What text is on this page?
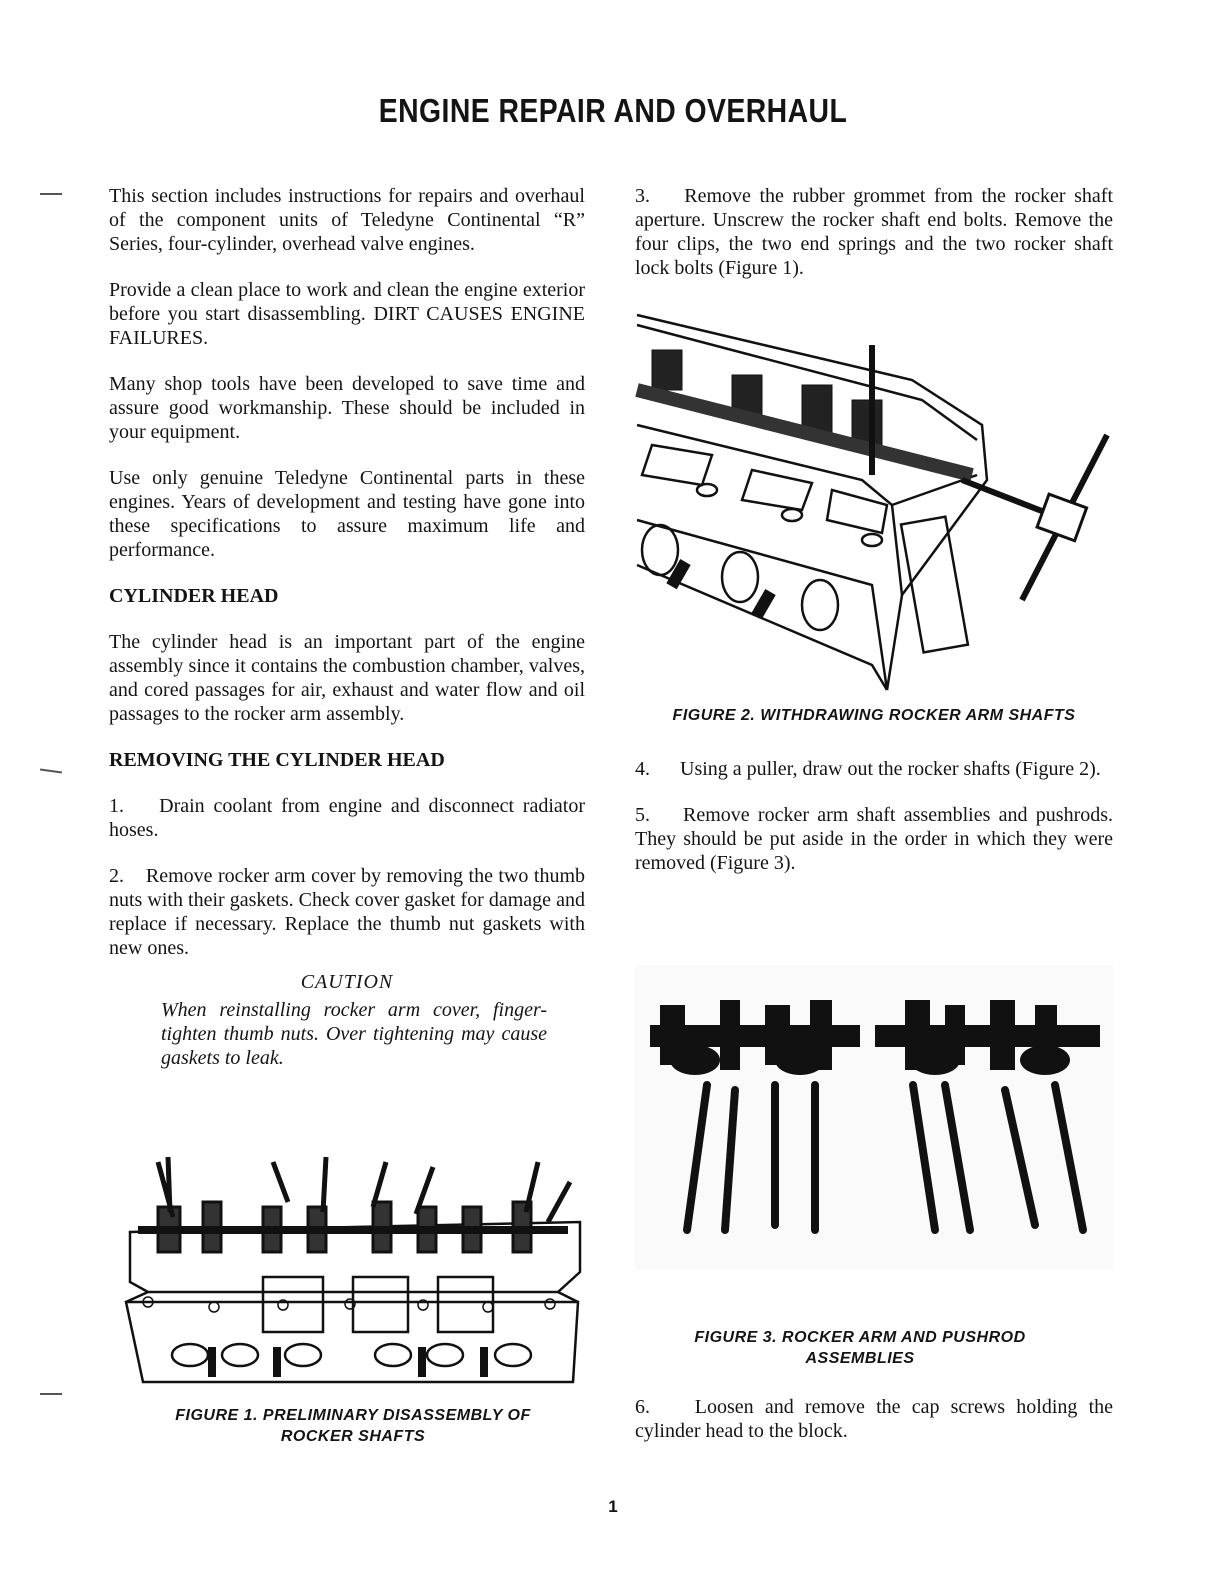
ENGINE REPAIR AND OVERHAUL

This section includes instructions for repairs and overhaul of the component units of Teledyne Continental “R” Series, four-cylinder, overhead valve engines.

Provide a clean place to work and clean the engine exterior before you start disassembling. DIRT CAUSES ENGINE FAILURES.

Many shop tools have been developed to save time and assure good workmanship. These should be included in your equipment.

Use only genuine Teledyne Continental parts in these engines. Years of development and testing have gone into these specifications to assure maximum life and performance.

CYLINDER HEAD

The cylinder head is an important part of the engine assembly since it contains the combustion chamber, valves, and cored passages for air, exhaust and water flow and oil passages to the rocker arm assembly.

REMOVING THE CYLINDER HEAD

1. Drain coolant from engine and disconnect radiator hoses.

2. Remove rocker arm cover by removing the two thumb nuts with their gaskets. Check cover gasket for damage and replace if necessary. Replace the thumb nut gaskets with new ones.

CAUTION
When reinstalling rocker arm cover, finger-tighten thumb nuts. Over tightening may cause gaskets to leak.
FIGURE 1. PRELIMINARY DISASSEMBLY OF
ROCKER SHAFTS

3. Remove the rubber grommet from the rocker shaft aperture. Unscrew the rocker shaft end bolts. Remove the four clips, the two end springs and the two rocker shaft lock bolts (Figure 1).

FIGURE 2. WITHDRAWING ROCKER ARM SHAFTS
4.	Using a puller, draw out the rocker shafts (Figure 2).

5. Remove rocker arm shaft assemblies and pushrods. They should be put aside in the order in which they were removed (Figure 3).

FIGURE 3. ROCKER ARM AND PUSHROD
ASSEMBLIES

6. Loosen and remove the cap screws holding the cylinder head to the block.

1
